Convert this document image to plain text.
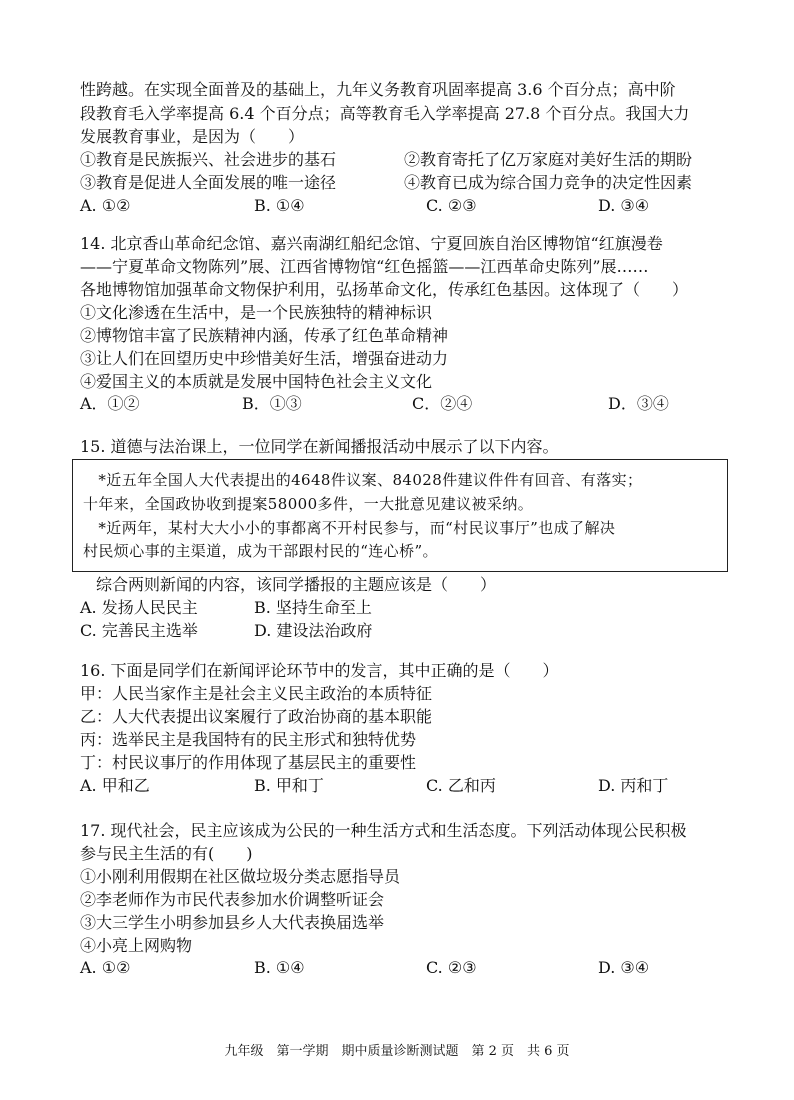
性跨越。在实现全面普及的基础上，九年义务教育巩固率提高 3.6 个百分点；高中阶
段教育毛入学率提高 6.4 个百分点；高等教育毛入学率提高 27.8 个百分点。我国大力
发展教育事业，是因为（　　）
①教育是民族振兴、社会进步的基石	②教育寄托了亿万家庭对美好生活的期盼
③教育是促进人全面发展的唯一途径	④教育已成为综合国力竞争的决定性因素
A. ①②	B. ①④	C. ②③	D. ③④
14. 北京香山革命纪念馆、嘉兴南湖红船纪念馆、宁夏回族自治区博物馆“红旗漫卷
——宁夏革命文物陈列”展、江西省博物馆“红色摇篮——江西革命史陈列”展……
各地博物馆加强革命文物保护利用，弘扬革命文化，传承红色基因。这体现了（　　）
①文化渗透在生活中，是一个民族独特的精神标识
②博物馆丰富了民族精神内涵，传承了红色革命精神
③让人们在回望历史中珍惜美好生活，增强奋进动力
④爱国主义的本质就是发展中国特色社会主义文化
A．①②	B．①③	C．②④	D．③④
15. 道德与法治课上，一位同学在新闻播报活动中展示了以下内容。
　*近五年全国人大代表提出的4648件议案、84028件建议件件有回音、有落实；
十年来，全国政协收到提案58000多件，一大批意见建议被采纳。
　*近两年，某村大大小小的事都离不开村民参与，而“村民议事厅”也成了解决
村民烦心事的主渠道，成为干部跟村民的“连心桥”。
　综合两则新闻的内容，该同学播报的主题应该是（　　）
A. 发扬人民民主	B. 坚持生命至上
C. 完善民主选举	D. 建设法治政府
16. 下面是同学们在新闻评论环节中的发言，其中正确的是（　　）
甲：人民当家作主是社会主义民主政治的本质特征
乙：人大代表提出议案履行了政治协商的基本职能
丙：选举民主是我国特有的民主形式和独特优势
丁：村民议事厅的作用体现了基层民主的重要性
A. 甲和乙	B. 甲和丁	C. 乙和丙	D. 丙和丁
17. 现代社会，民主应该成为公民的一种生活方式和生活态度。下列活动体现公民积极
参与民主生活的有(　　)
①小刚利用假期在社区做垃圾分类志愿指导员
②李老师作为市民代表参加水价调整听证会
③大三学生小明参加县乡人大代表换届选举
④小亮上网购物
A. ①②	B. ①④	C. ②③	D. ③④
九年级　第一学期　期中质量诊断测试题　第 2 页　共 6 页
